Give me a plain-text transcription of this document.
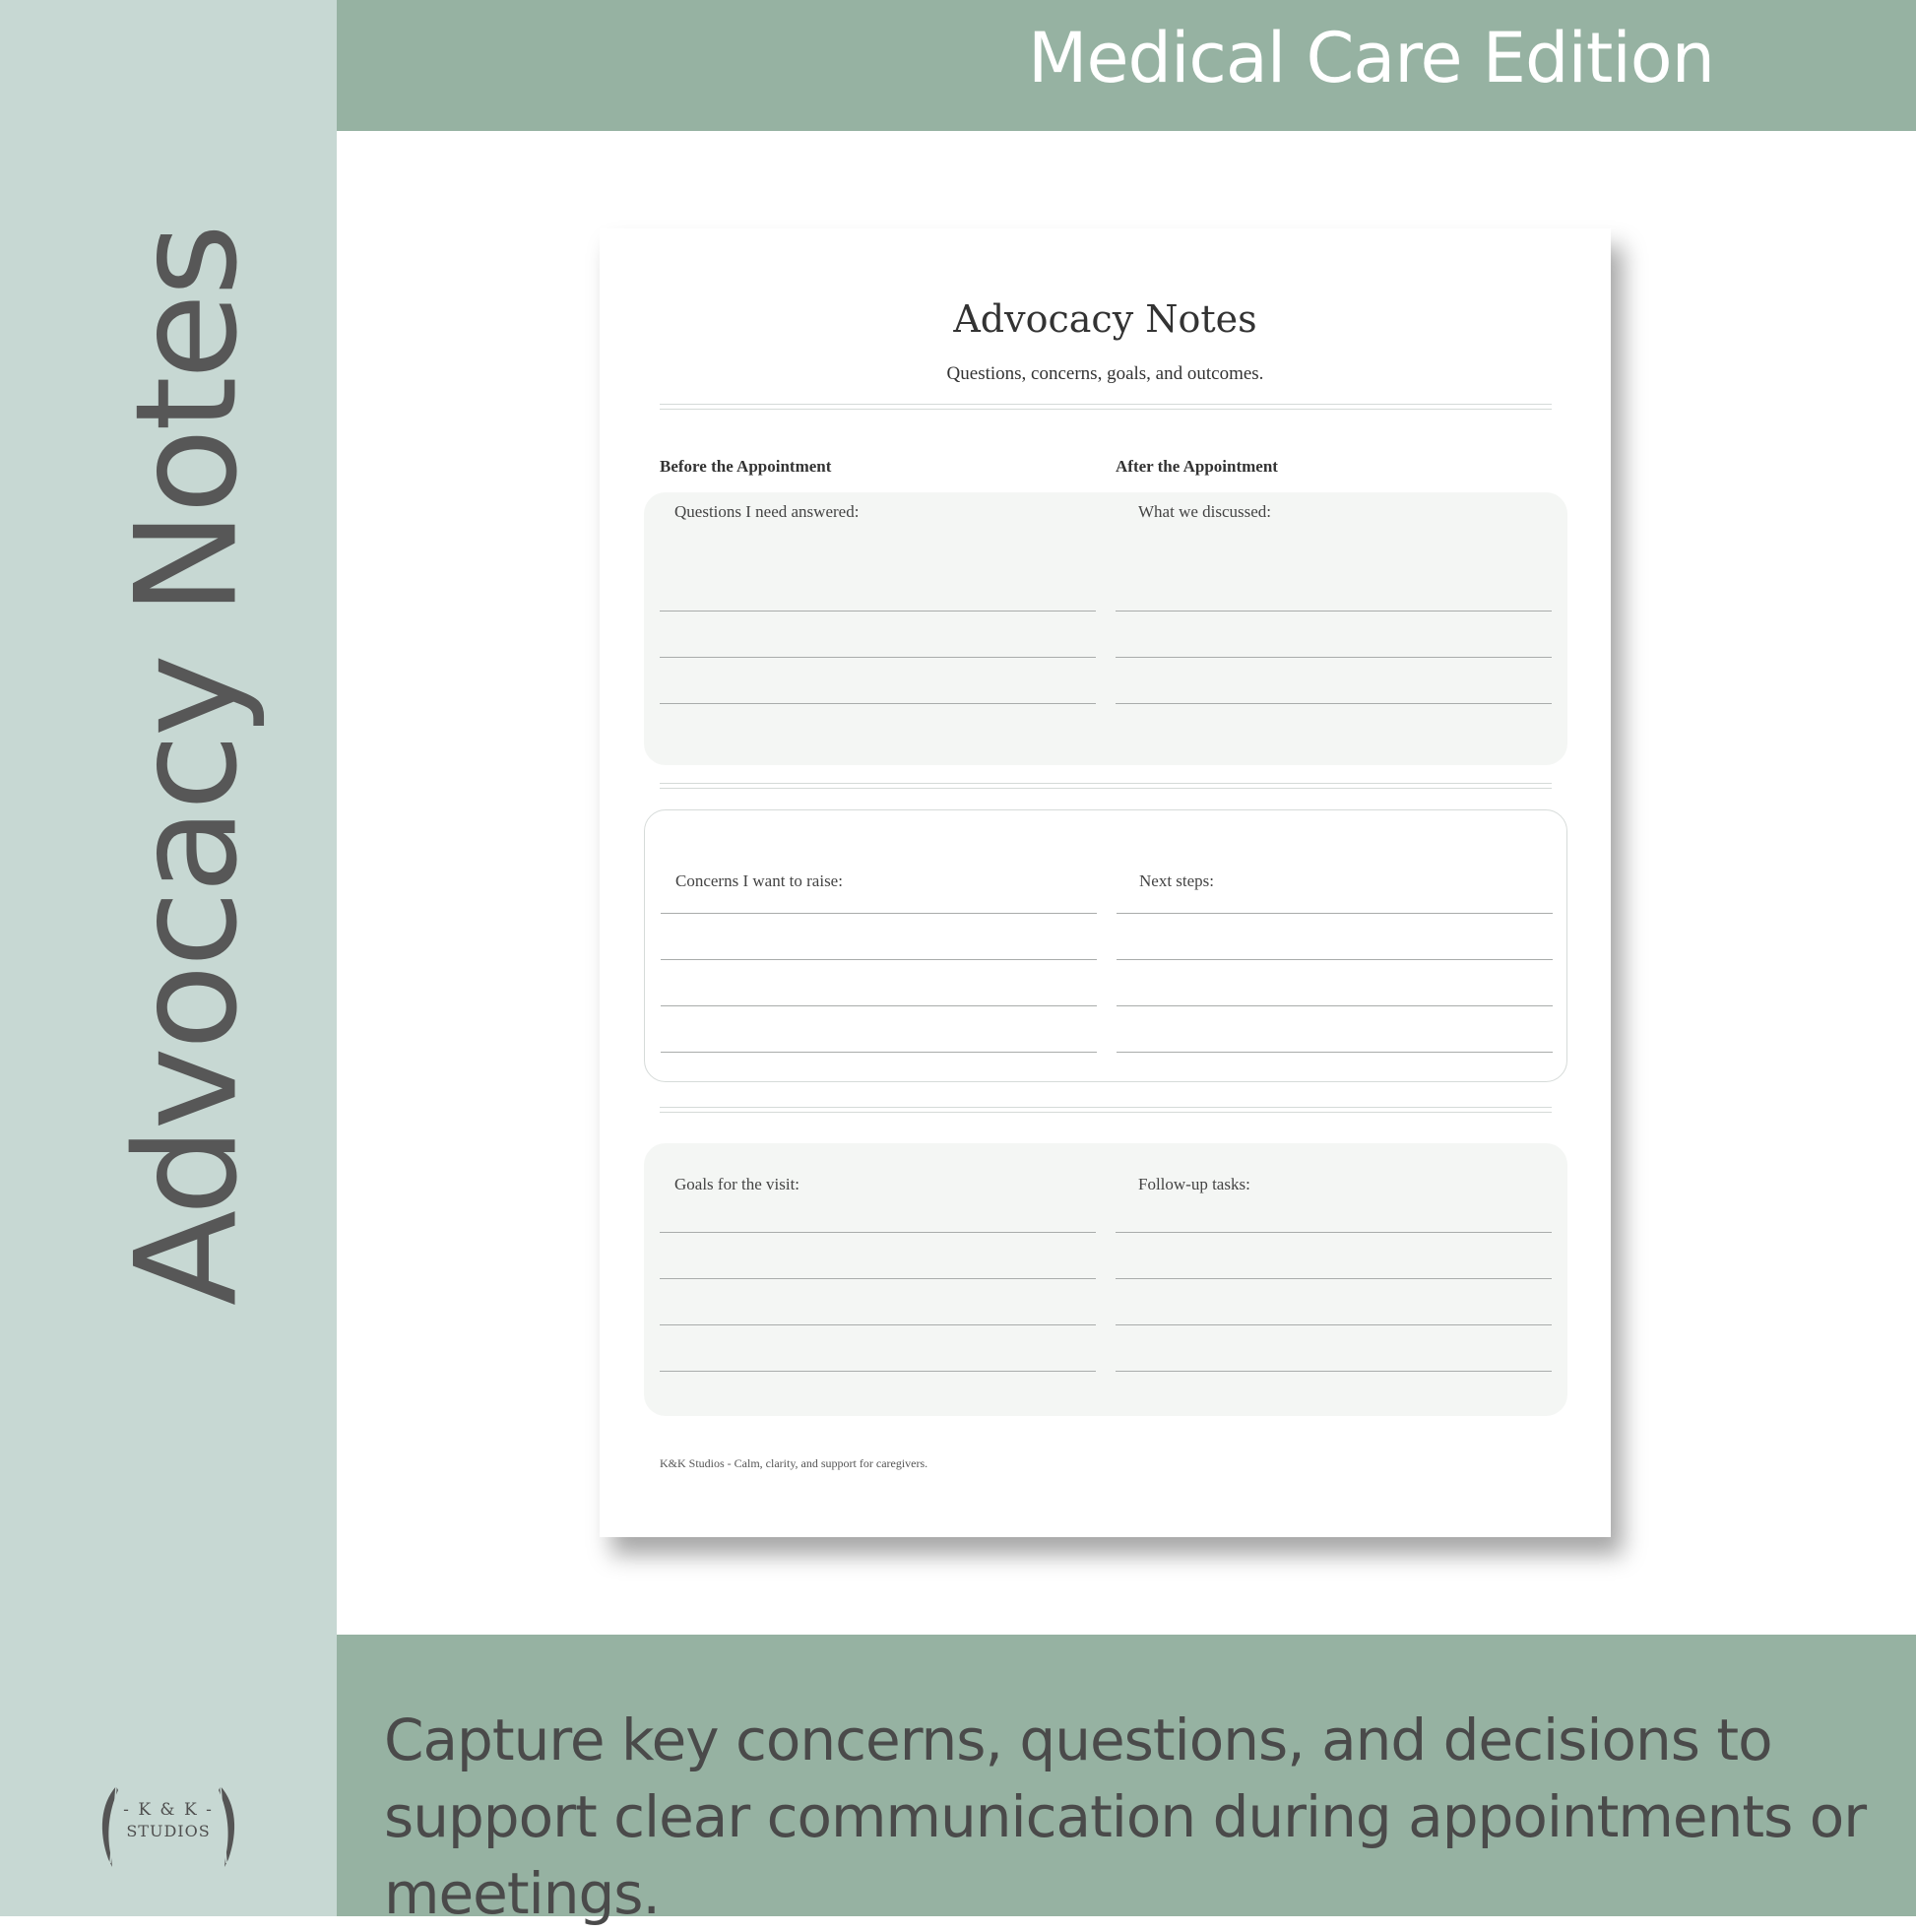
Advocacy Notes
- K & K -
STUDIOS
Medical Care Edition
Advocacy Notes
Questions, concerns, goals, and outcomes.
Before the Appointment	After the Appointment
Questions I need answered:	What we discussed:
Concerns I want to raise:	Next steps:
Goals for the visit:	Follow-up tasks:
K&K Studios - Calm, clarity, and support for caregivers.
Capture key concerns, questions, and decisions to support clear communication during appointments or meetings.
